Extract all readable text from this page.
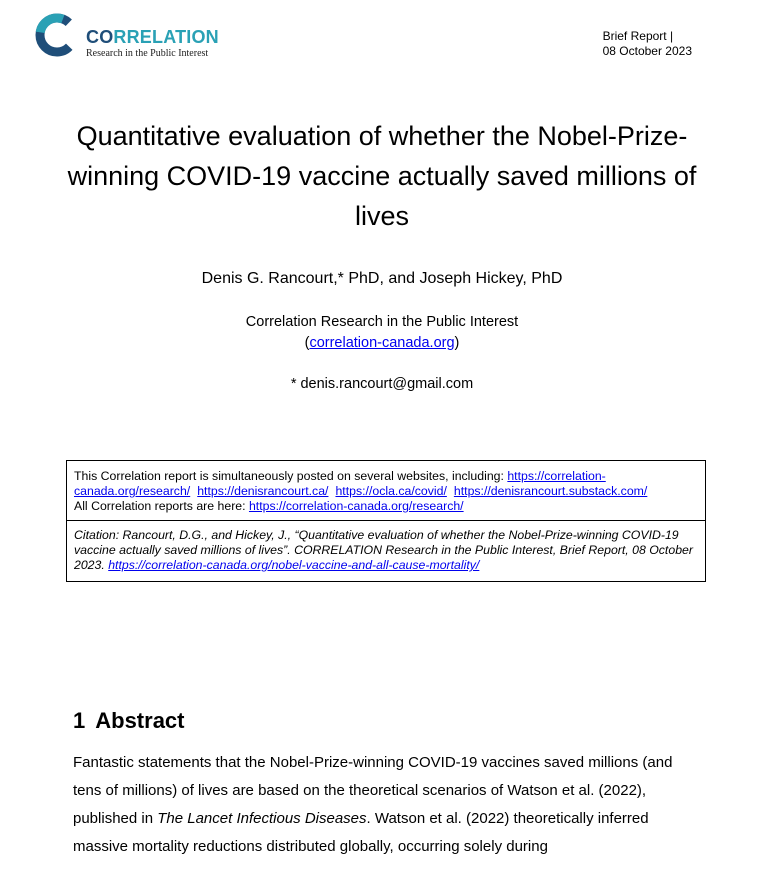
CORRELATION
Research in the Public Interest
Brief Report |
08 October 2023
Quantitative evaluation of whether the Nobel-Prize-winning COVID-19 vaccine actually saved millions of lives
Denis G. Rancourt,* PhD, and Joseph Hickey, PhD
Correlation Research in the Public Interest
(correlation-canada.org)
* denis.rancourt@gmail.com

This Correlation report is simultaneously posted on several websites, including: https://correlation-canada.org/research/ https://denisrancourt.ca/ https://ocla.ca/covid/ https://denisrancourt.substack.com/

All Correlation reports are here: https://correlation-canada.org/research/

Citation: Rancourt, D.G., and Hickey, J., “Quantitative evaluation of whether the Nobel-Prize-winning COVID-19 vaccine actually saved millions of lives”. CORRELATION Research in the Public Interest, Brief Report, 08 October 2023. https://correlation-canada.org/nobel-vaccine-and-all-cause-mortality/

1 Abstract

Fantastic statements that the Nobel-Prize-winning COVID-19 vaccines saved millions (and tens of millions) of lives are based on the theoretical scenarios of Watson et al. (2022), published in The Lancet Infectious Diseases. Watson et al. (2022) theoretically inferred massive mortality reductions distributed globally, occurring solely during
